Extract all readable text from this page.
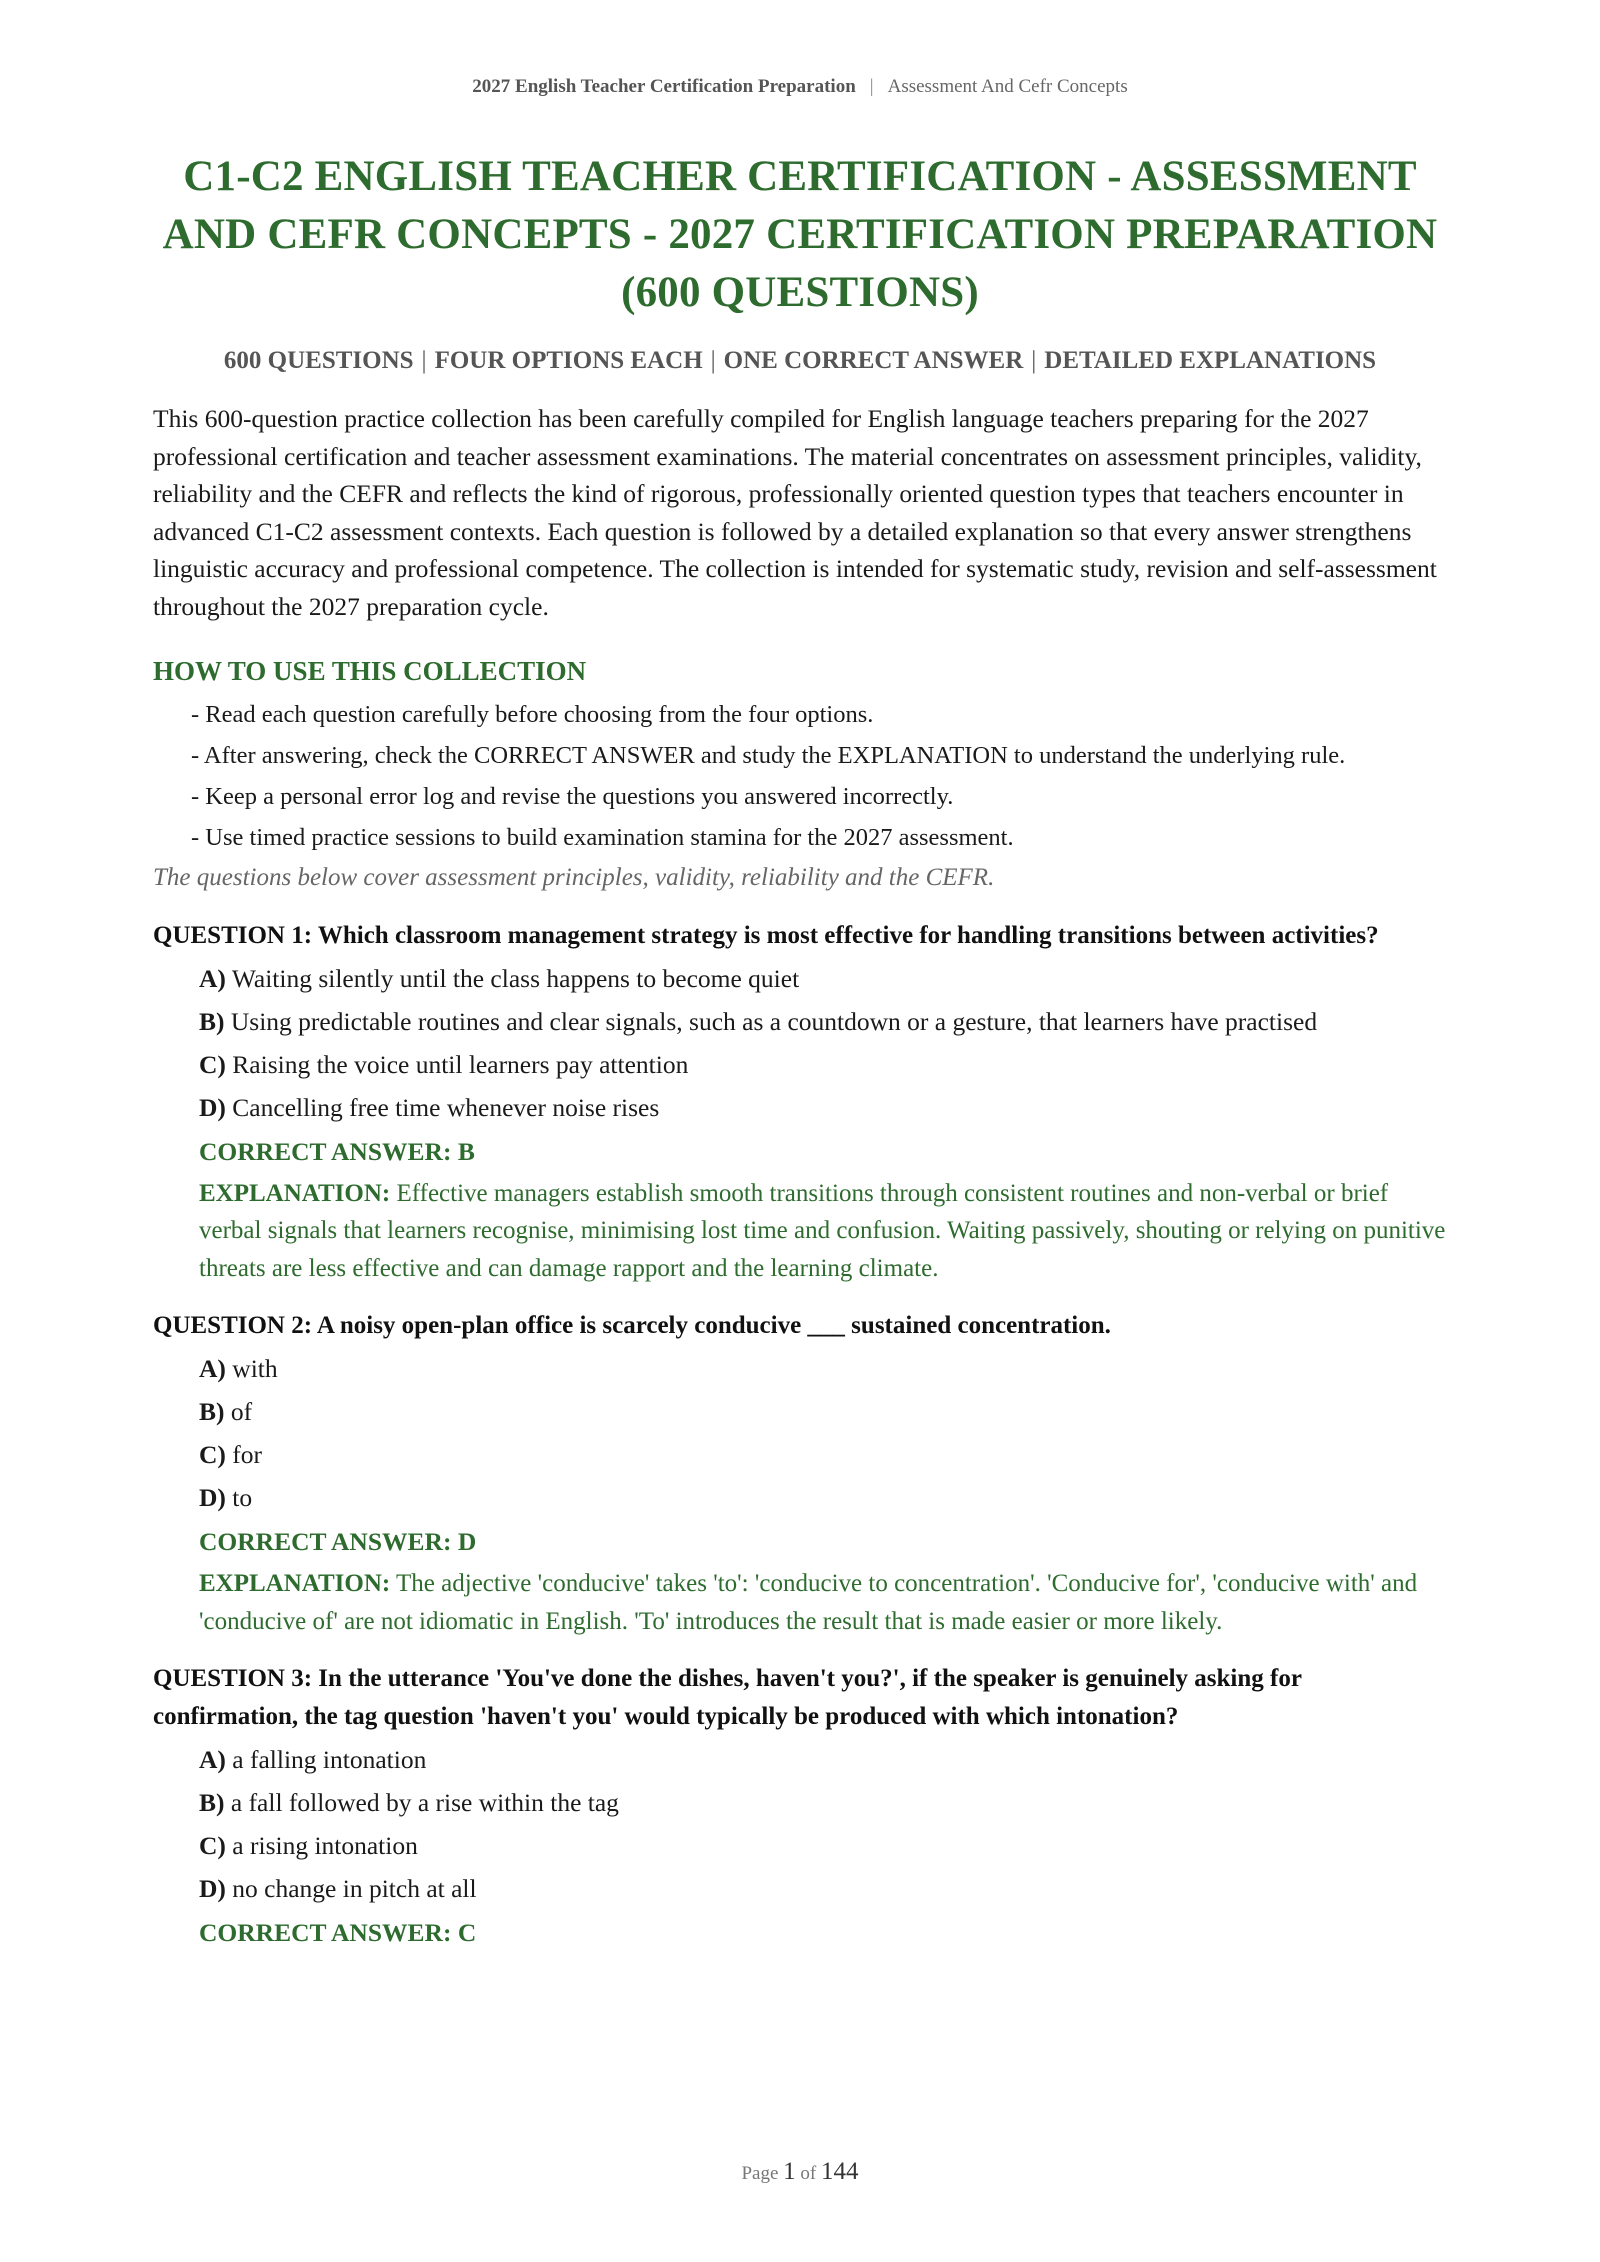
2027 English Teacher Certification Preparation | Assessment And Cefr Concepts
C1-C2 ENGLISH TEACHER CERTIFICATION - ASSESSMENT AND CEFR CONCEPTS - 2027 CERTIFICATION PREPARATION (600 QUESTIONS)
600 QUESTIONS | FOUR OPTIONS EACH | ONE CORRECT ANSWER | DETAILED EXPLANATIONS

This 600-question practice collection has been carefully compiled for English language teachers preparing for the 2027 professional certification and teacher assessment examinations. The material concentrates on assessment principles, validity, reliability and the CEFR and reflects the kind of rigorous, professionally oriented question types that teachers encounter in advanced C1-C2 assessment contexts. Each question is followed by a detailed explanation so that every answer strengthens linguistic accuracy and professional competence. The collection is intended for systematic study, revision and self-assessment throughout the 2027 preparation cycle.

HOW TO USE THIS COLLECTION
- Read each question carefully before choosing from the four options.
- After answering, check the CORRECT ANSWER and study the EXPLANATION to understand the underlying rule.
- Keep a personal error log and revise the questions you answered incorrectly.
- Use timed practice sessions to build examination stamina for the 2027 assessment.
The questions below cover assessment principles, validity, reliability and the CEFR.
QUESTION 1: Which classroom management strategy is most effective for handling transitions between activities?
A) Waiting silently until the class happens to become quiet
B) Using predictable routines and clear signals, such as a countdown or a gesture, that learners have practised
C) Raising the voice until learners pay attention
D) Cancelling free time whenever noise rises
CORRECT ANSWER: B
EXPLANATION: Effective managers establish smooth transitions through consistent routines and non-verbal or brief verbal signals that learners recognise, minimising lost time and confusion. Waiting passively, shouting or relying on punitive threats are less effective and can damage rapport and the learning climate.
QUESTION 2: A noisy open-plan office is scarcely conducive ___ sustained concentration.
A) with
B) of
C) for
D) to
CORRECT ANSWER: D
EXPLANATION: The adjective 'conducive' takes 'to': 'conducive to concentration'. 'Conducive for', 'conducive with' and 'conducive of' are not idiomatic in English. 'To' introduces the result that is made easier or more likely.
QUESTION 3: In the utterance 'You've done the dishes, haven't you?', if the speaker is genuinely asking for confirmation, the tag question 'haven't you' would typically be produced with which intonation?
A) a falling intonation
B) a fall followed by a rise within the tag
C) a rising intonation
D) no change in pitch at all
CORRECT ANSWER: C
Page 1 of 144
